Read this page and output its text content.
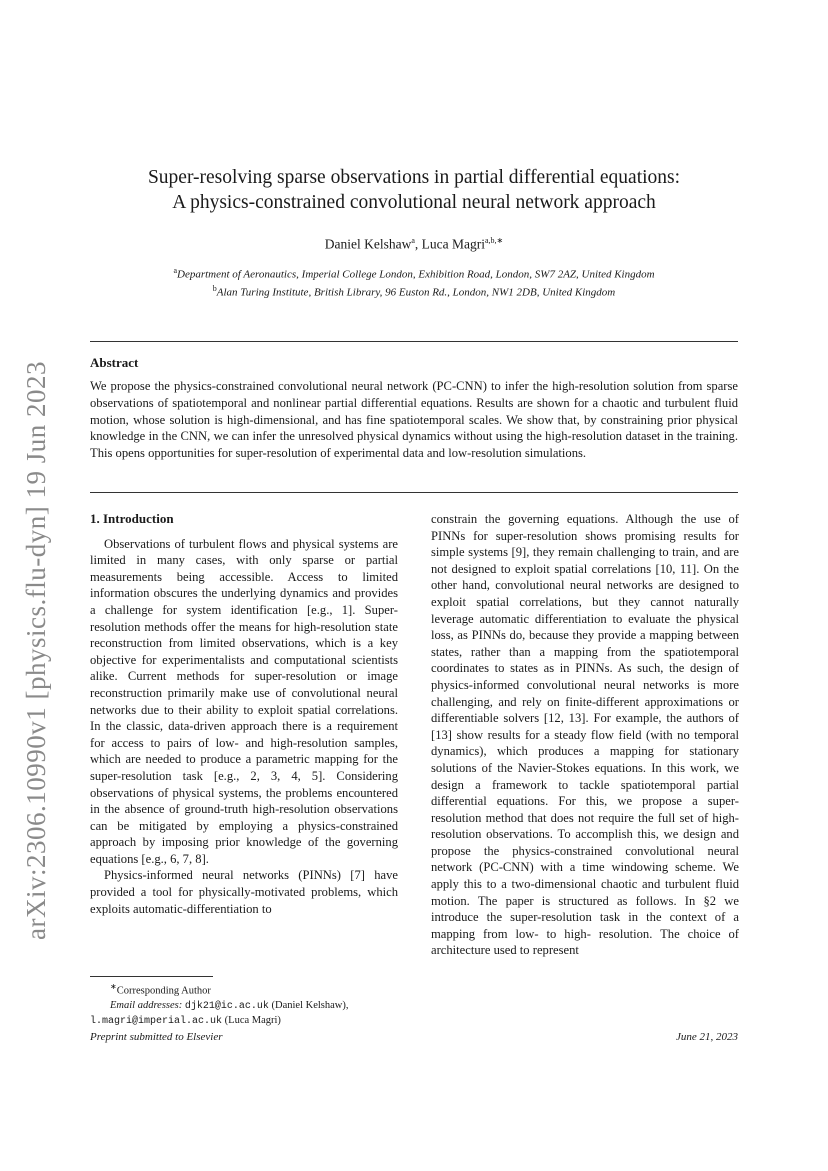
arXiv:2306.10990v1 [physics.flu-dyn] 19 Jun 2023
Super-resolving sparse observations in partial differential equations:
A physics-constrained convolutional neural network approach
Daniel Kelshaw$^a$, Luca Magri$^{a,b,∗}$
$^a$Department of Aeronautics, Imperial College London, Exhibition Road, London, SW7 2AZ, United Kingdom
$^b$Alan Turing Institute, British Library, 96 Euston Rd., London, NW1 2DB, United Kingdom
Abstract
We propose the physics-constrained convolutional neural network (PC-CNN) to infer the high-resolution solution from sparse observations of spatiotemporal and nonlinear partial differential equations. Results are shown for a chaotic and turbulent fluid motion, whose solution is high-dimensional, and has fine spatiotemporal scales. We show that, by constraining prior physical knowledge in the CNN, we can infer the unresolved physical dynamics without using the high-resolution dataset in the training. This opens opportunities for super-resolution of experimental data and low-resolution simulations.
1. Introduction

Observations of turbulent flows and physical systems are limited in many cases, with only sparse or partial measurements being accessible. Access to limited information obscures the underlying dynamics and provides a challenge for system identification [e.g., 1]. Super-resolution methods offer the means for high-resolution state reconstruction from limited observations, which is a key objective for experimentalists and computational scientists alike. Current methods for super-resolution or image reconstruction primarily make use of convolutional neural networks due to their ability to exploit spatial correlations. In the classic, data-driven approach there is a requirement for access to pairs of low- and high-resolution samples, which are needed to produce a parametric mapping for the super-resolution task [e.g., 2, 3, 4, 5]. Considering observations of physical systems, the problems encountered in the absence of ground-truth high-resolution observations can be mitigated by employing a physics-constrained approach by imposing prior knowledge of the governing equations [e.g., 6, 7, 8].

Physics-informed neural networks (PINNs) [7] have provided a tool for physically-motivated problems, which exploits automatic-differentiation to

constrain the governing equations. Although the use of PINNs for super-resolution shows promising results for simple systems [9], they remain challenging to train, and are not designed to exploit spatial correlations [10, 11]. On the other hand, convolutional neural networks are designed to exploit spatial correlations, but they cannot naturally leverage automatic differentiation to evaluate the physical loss, as PINNs do, because they provide a mapping between states, rather than a mapping from the spatiotemporal coordinates to states as in PINNs. As such, the design of physics-informed convolutional neural networks is more challenging, and rely on finite-different approximations or differentiable solvers [12, 13]. For example, the authors of [13] show results for a steady flow field (with no temporal dynamics), which produces a mapping for stationary solutions of the Navier-Stokes equations. In this work, we design a framework to tackle spatiotemporal partial differential equations. For this, we propose a super-resolution method that does not require the full set of high-resolution observations. To accomplish this, we design and propose the physics-constrained convolutional neural network (PC-CNN) with a time windowing scheme. We apply this to a two-dimensional chaotic and turbulent fluid motion. The paper is structured as follows. In §2 we introduce the super-resolution task in the context of a mapping from low- to high- resolution. The choice of architecture used to represent

∗Corresponding Author
Email addresses: djk21@ic.ac.uk (Daniel Kelshaw),
l.magri@imperial.ac.uk (Luca Magri)
Preprint submitted to Elsevier	June 21, 2023
